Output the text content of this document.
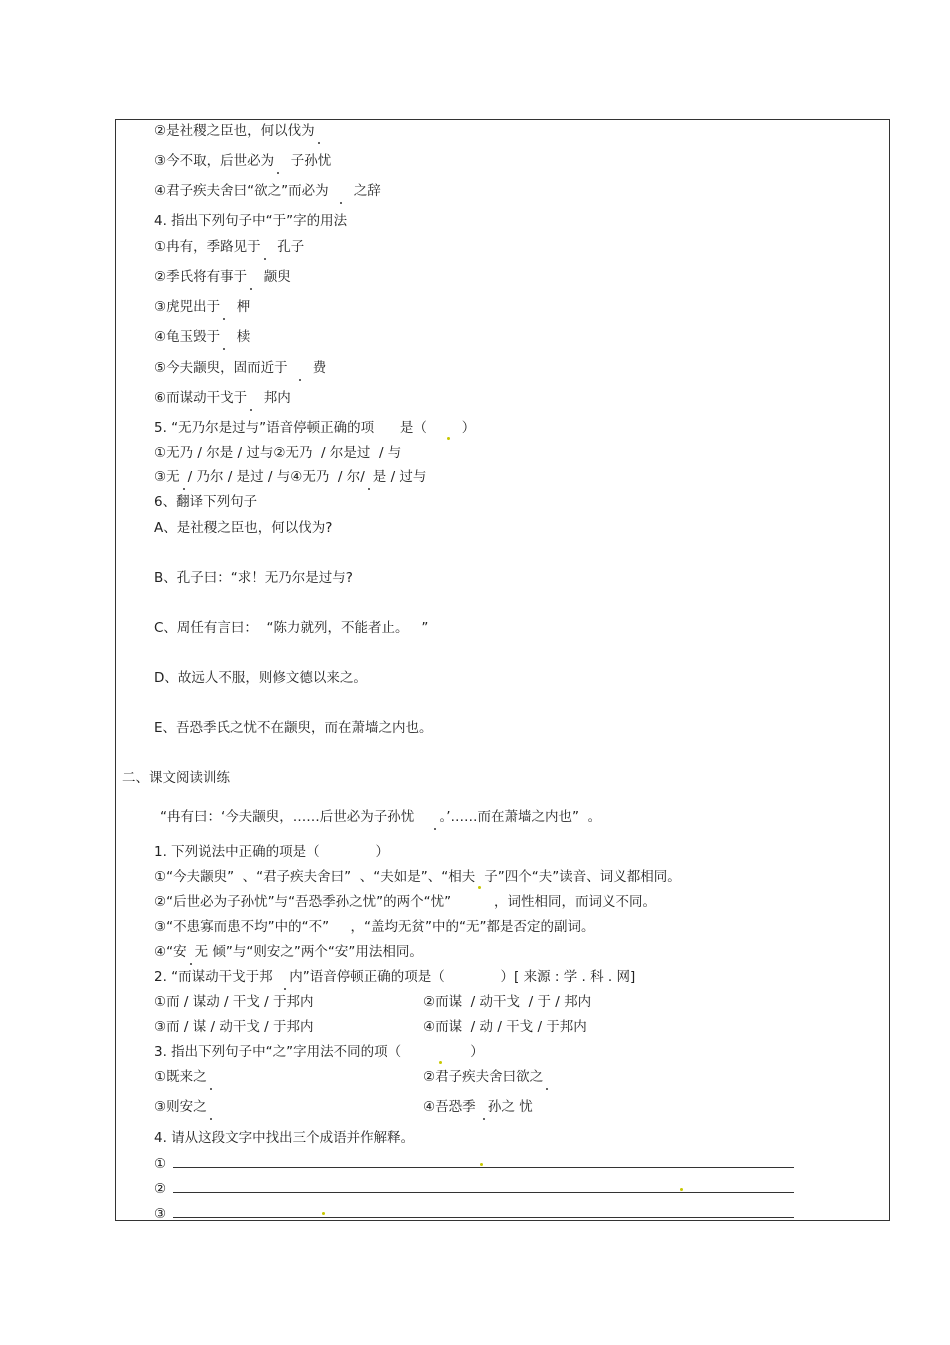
②是社稷之臣也，何以伐为
③今不取，后世必为 子孙忧
④君子疾夫舍曰“欲之”而必为 之辞
4. 指出下列句子中“于”字的用法
①冉有，季路见于 孔子
②季氏将有事于 颛臾
③虎兕出于 柙
④龟玉毁于 椟
⑤今夫颛臾，固而近于 费
⑥而谋动干戈于 邦内
5. “无乃尔是过与”语音停顿正确的项 是（	）
①无乃 / 尔是 / 过与②无乃  / 尔是过  / 与
③无 / 乃尔 / 是过 / 与④无乃  / 尔/ 是 / 过与
6、翻译下列句子
A、是社稷之臣也，何以伐为?
B、孔子曰：“求！无乃尔是过与?
C、周任有言曰：  “陈力就列，不能者止。   ”
D、故远人不服，则修文德以来之。
E、吾恐季氏之忧不在颛臾，而在萧墙之内也。
二、课文阅读训练
“冉有曰：‘今夫颛臾，……后世必为子孙忧 。’……而在萧墙之内也”  。
1. 下列说法中正确的项是（             ）
①“今夫颛臾”  、“君子疾夫舍曰”  、“夫如是”、“相夫 子”四个“夫”读音、词义都相同。
②“后世必为子孙忧”与“吾恐季孙之忧”的两个“忧”          ，词性相同，而词义不同。
③“不患寡而患不均”中的“不”     ，“盖均无贫”中的“无”都是否定的副词。
④“安 无 倾”与“则安之”两个“安”用法相同。
2. “而谋动干戈于邦 内”语音停顿正确的项是（             ）[ 来源 : 学 . 科 . 网]
①而 / 谋动 / 干戈 / 于邦内	②而谋  / 动干戈  / 于 / 邦内
③而 / 谋 / 动干戈 / 于邦内	④而谋  / 动 / 干戈 / 于邦内
3. 指出下列句子中“之”字用法不同的项（	）
①既来之	②君子疾夫舍曰欲之
③则安之	④吾恐季 孙之 忧
4. 请从这段文字中找出三个成语并作解释。
①
②
③
